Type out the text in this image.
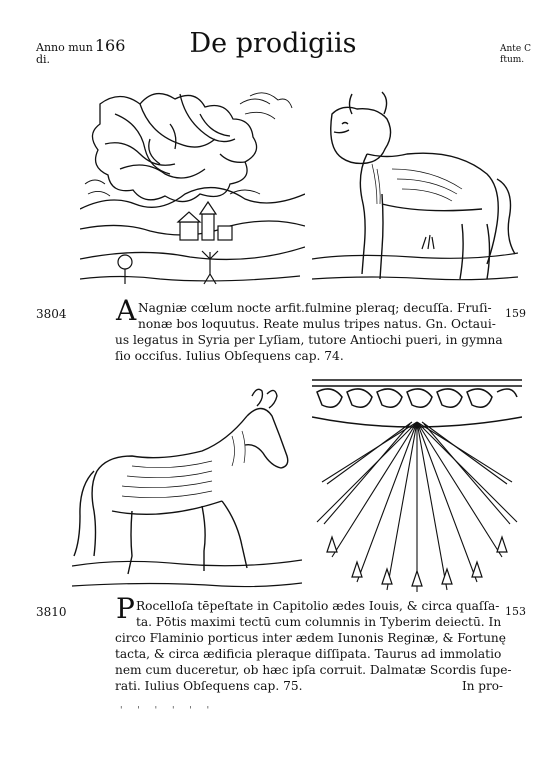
Anno mun 166
di.
De prodigiis	Ante C
ftum.
3804 A	159
Nagniæ cœlum nocte arfit.fulmine pleraq; decuſſa. Fruſi-
nonæ bos loquutus. Reate mulus tripes natus. Gn. Octaui-
us legatus in Syria per Lyſiam, tutore Antiochi pueri, in gymna
ſio occiſus. Iulius Obſequens cap. 74.
3810 P	153
Rocelloſa tēpeſtate in Capitolio ædes Iouis, & circa quaſſa-
ta. Pōtis maximi tectū cum columnis in Tyberim deiectū. In
circo Flaminio porticus inter ædem Iunonis Reginæ, & Fortunę
tacta, & circa ædificia pleraque diſſipata. Taurus ad immolatio
nem cum duceretur, ob hæc ipſa corruit. Dalmatæ Scordis ſupe-
rati. Iulius Obſequens cap. 75.	In pro-
' ' ' ' ' '
